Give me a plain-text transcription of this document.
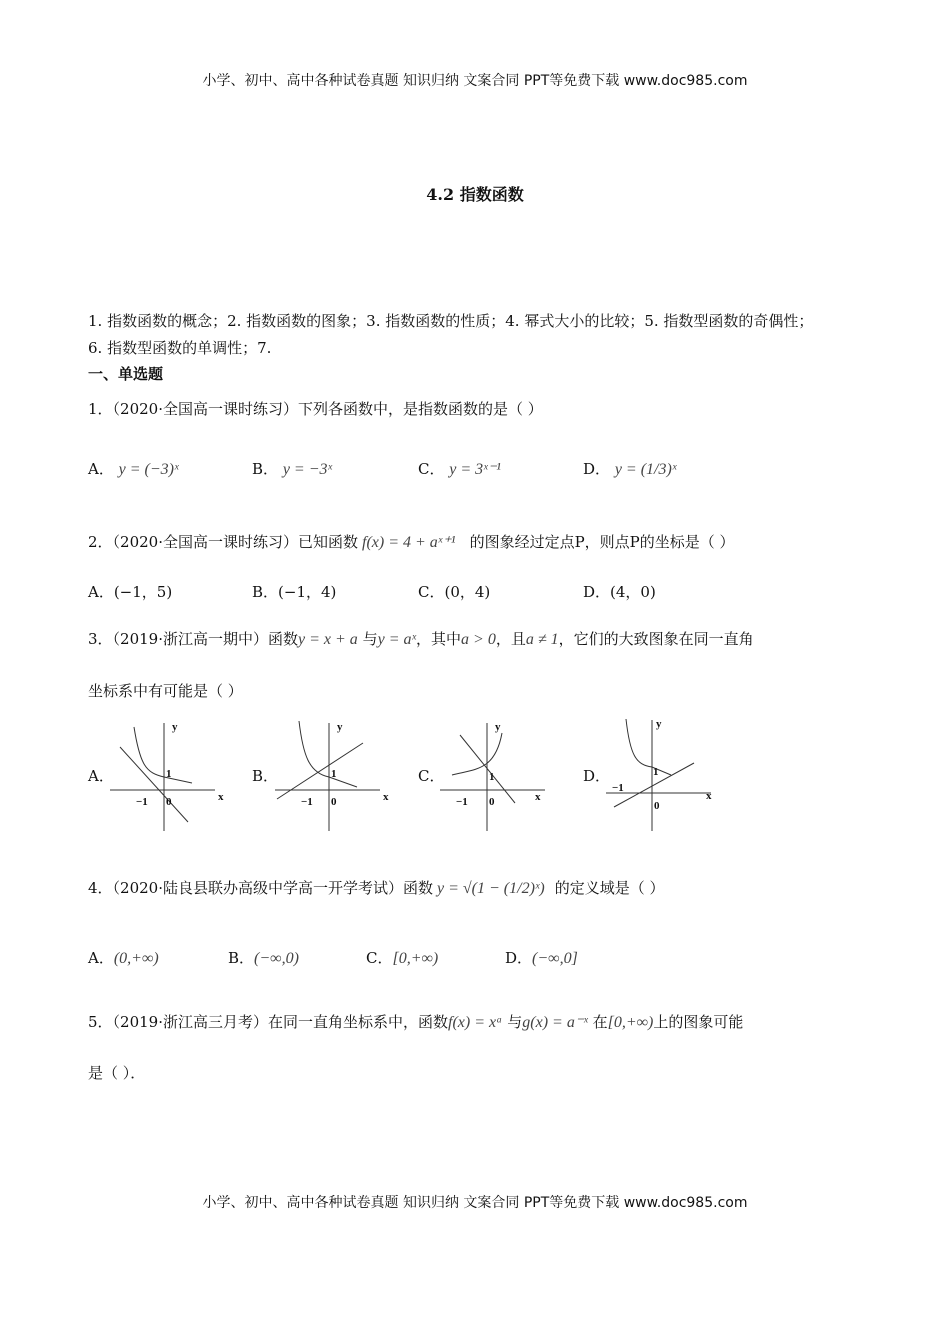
小学、初中、高中各种试卷真题 知识归纳 文案合同 PPT等免费下载 www.doc985.com
4.2 指数函数
1. 指数函数的概念；2. 指数函数的图象；3. 指数函数的性质；4. 幂式大小的比较；5. 指数型函数的奇偶性；
6. 指数型函数的单调性；7.
一、单选题
1．（2020·全国高一课时练习）下列各函数中，是指数函数的是（ ）
A． y = (−3)ˣ	B． y = −3ˣ	C． y = 3ˣ⁻¹	D． y = (1/3)ˣ
2．（2020·全国高一课时练习）已知函数 f(x) = 4 + aˣ⁺¹ 的图象经过定点P，则点P的坐标是（ ）
A．(−1，5)	B．(−1，4)	C．(0，4)	D．(4，0)
3．（2019·浙江高一期中）函数y = x + a 与y = aˣ，其中a > 0，且a ≠ 1，它们的大致图象在同一直角
坐标系中有可能是（ ）
A．	B．	C．	D．
y
x
1
−1 0
y
x
1
−1 0
y
x
1
−1 0
y
x
1
−1
0
4．（2020·陆良县联办高级中学高一开学考试）函数 y = √(1 − (1/2)ˣ) 的定义域是（ ）
A．(0,+∞)	B．(−∞,0)	C．[0,+∞)	D．(−∞,0]
5．（2019·浙江高三月考）在同一直角坐标系中，函数f(x) = xᵃ 与g(x) = a⁻ˣ 在[0,+∞)上的图象可能
是（ ）．
小学、初中、高中各种试卷真题 知识归纳 文案合同 PPT等免费下载 www.doc985.com
